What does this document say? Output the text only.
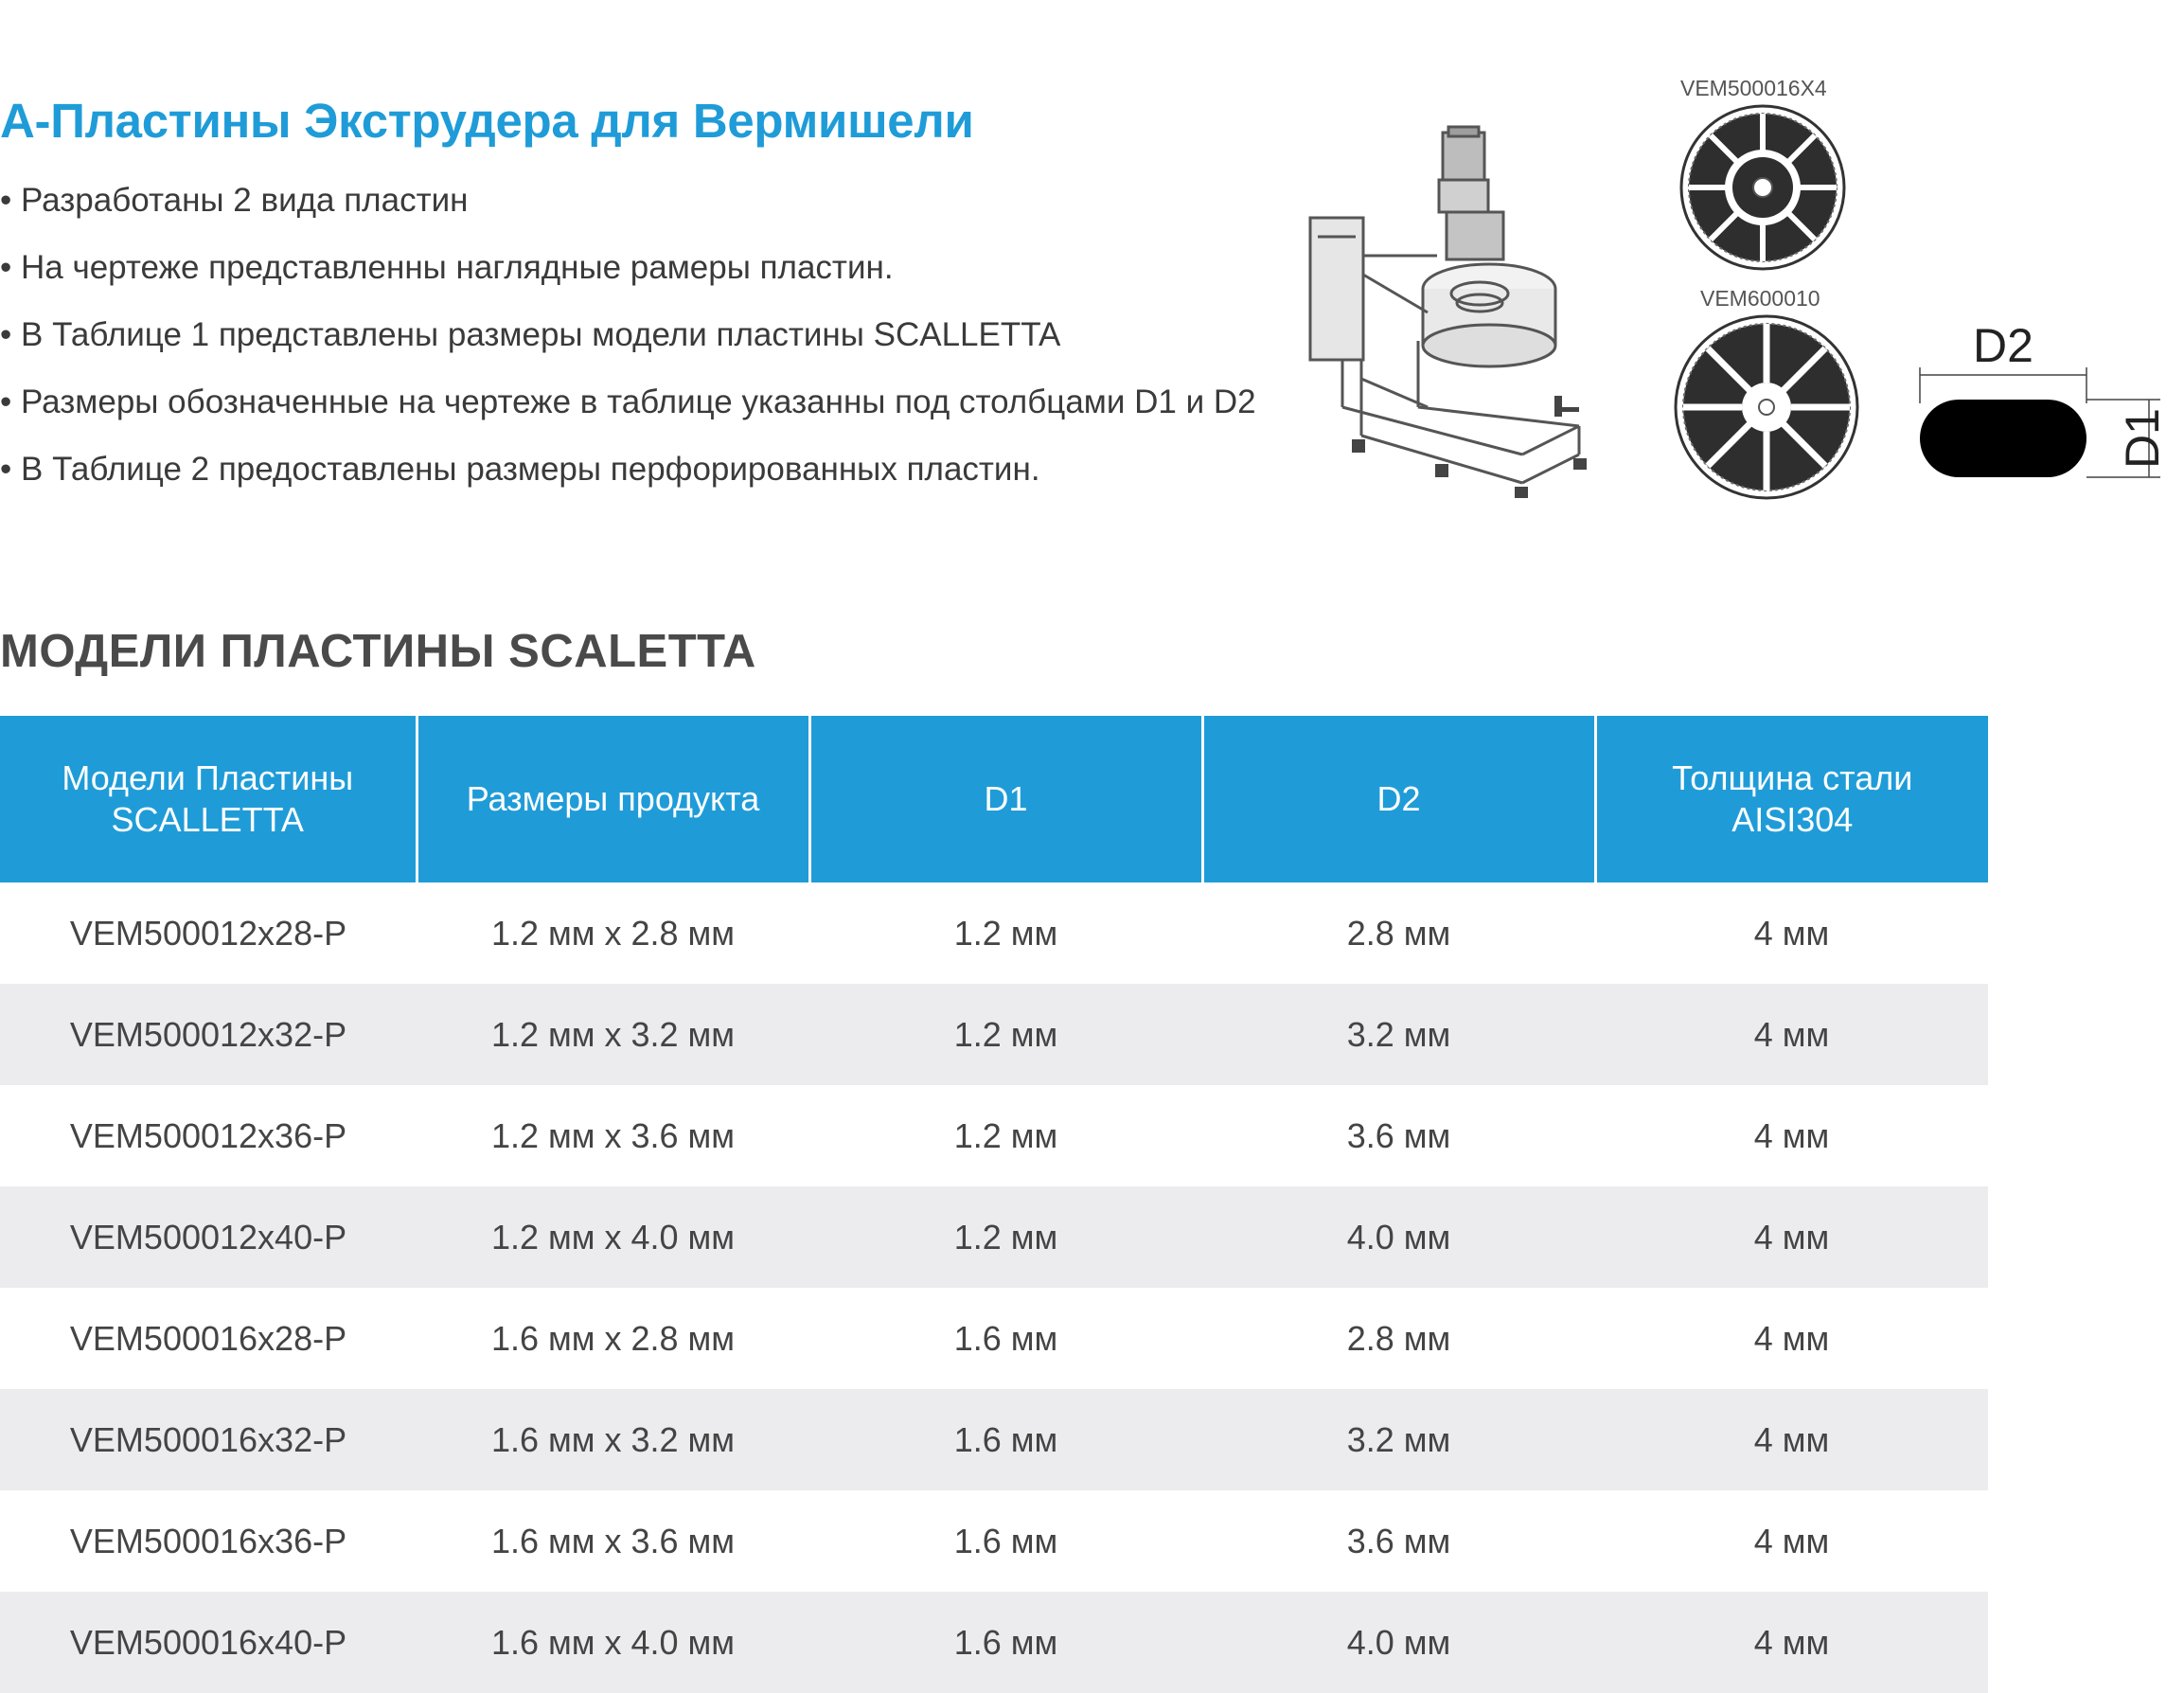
А-Пластины Экструдера для Вермишели
• Разработаны 2 вида пластин
• На чертеже представленны наглядные рамеры пластин.
• В Таблице 1 представлены размеры модели пластины SCALLETTA
• Размеры обозначенные на чертеже в таблице указанны под столбцами D1 и D2
• В Таблице 2 предоставлены размеры перфорированных пластин.
VEM500016X4
VEM600010
D2
D1
МОДЕЛИ ПЛАСТИНЫ SCALETTA
Модели Пластины
SCALLETTA	Размеры продукта	D1	D2	Толщина стали
AISI304
VEM500012x28-P	1.2 мм x 2.8 мм	1.2 мм	2.8 мм	4 мм
VEM500012x32-P	1.2 мм x 3.2 мм	1.2 мм	3.2 мм	4 мм
VEM500012x36-P	1.2 мм x 3.6 мм	1.2 мм	3.6 мм	4 мм
VEM500012x40-P	1.2 мм x 4.0 мм	1.2 мм	4.0 мм	4 мм
VEM500016x28-P	1.6 мм x 2.8 мм	1.6 мм	2.8 мм	4 мм
VEM500016x32-P	1.6 мм x 3.2 мм	1.6 мм	3.2 мм	4 мм
VEM500016x36-P	1.6 мм x 3.6 мм	1.6 мм	3.6 мм	4 мм
VEM500016x40-P	1.6 мм x 4.0 мм	1.6 мм	4.0 мм	4 мм
